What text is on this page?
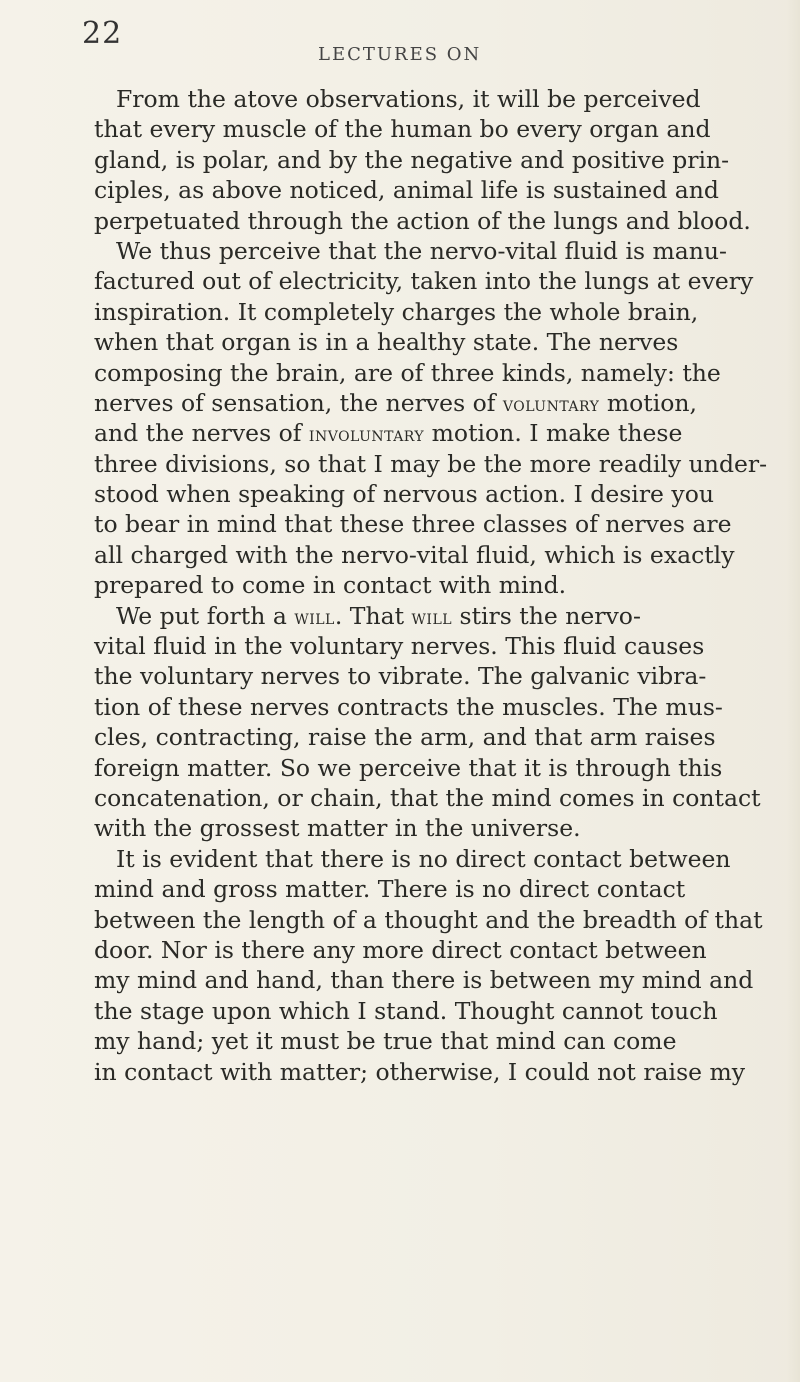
22
LECTURES ON
From the atove observations, it will be perceived
that every muscle of the human bo every organ and
gland, is polar, and by the negative and positive prin-
ciples, as above noticed, animal life is sustained and
perpetuated through the action of the lungs and blood.
We thus perceive that the nervo-vital fluid is manu-
factured out of electricity, taken into the lungs at every
inspiration. It completely charges the whole brain,
when that organ is in a healthy state. The nerves
composing the brain, are of three kinds, namely: the
nerves of sensation, the nerves of voluntary motion,
and the nerves of involuntary motion. I make these
three divisions, so that I may be the more readily under-
stood when speaking of nervous action. I desire you
to bear in mind that these three classes of nerves are
all charged with the nervo-vital fluid, which is exactly
prepared to come in contact with mind.
We put forth a will. That will stirs the nervo-
vital fluid in the voluntary nerves. This fluid causes
the voluntary nerves to vibrate. The galvanic vibra-
tion of these nerves contracts the muscles. The mus-
cles, contracting, raise the arm, and that arm raises
foreign matter. So we perceive that it is through this
concatenation, or chain, that the mind comes in contact
with the grossest matter in the universe.
It is evident that there is no direct contact between
mind and gross matter. There is no direct contact
between the length of a thought and the breadth of that
door. Nor is there any more direct contact between
my mind and hand, than there is between my mind and
the stage upon which I stand. Thought cannot touch
my hand; yet it must be true that mind can come
in contact with matter; otherwise, I could not raise my
